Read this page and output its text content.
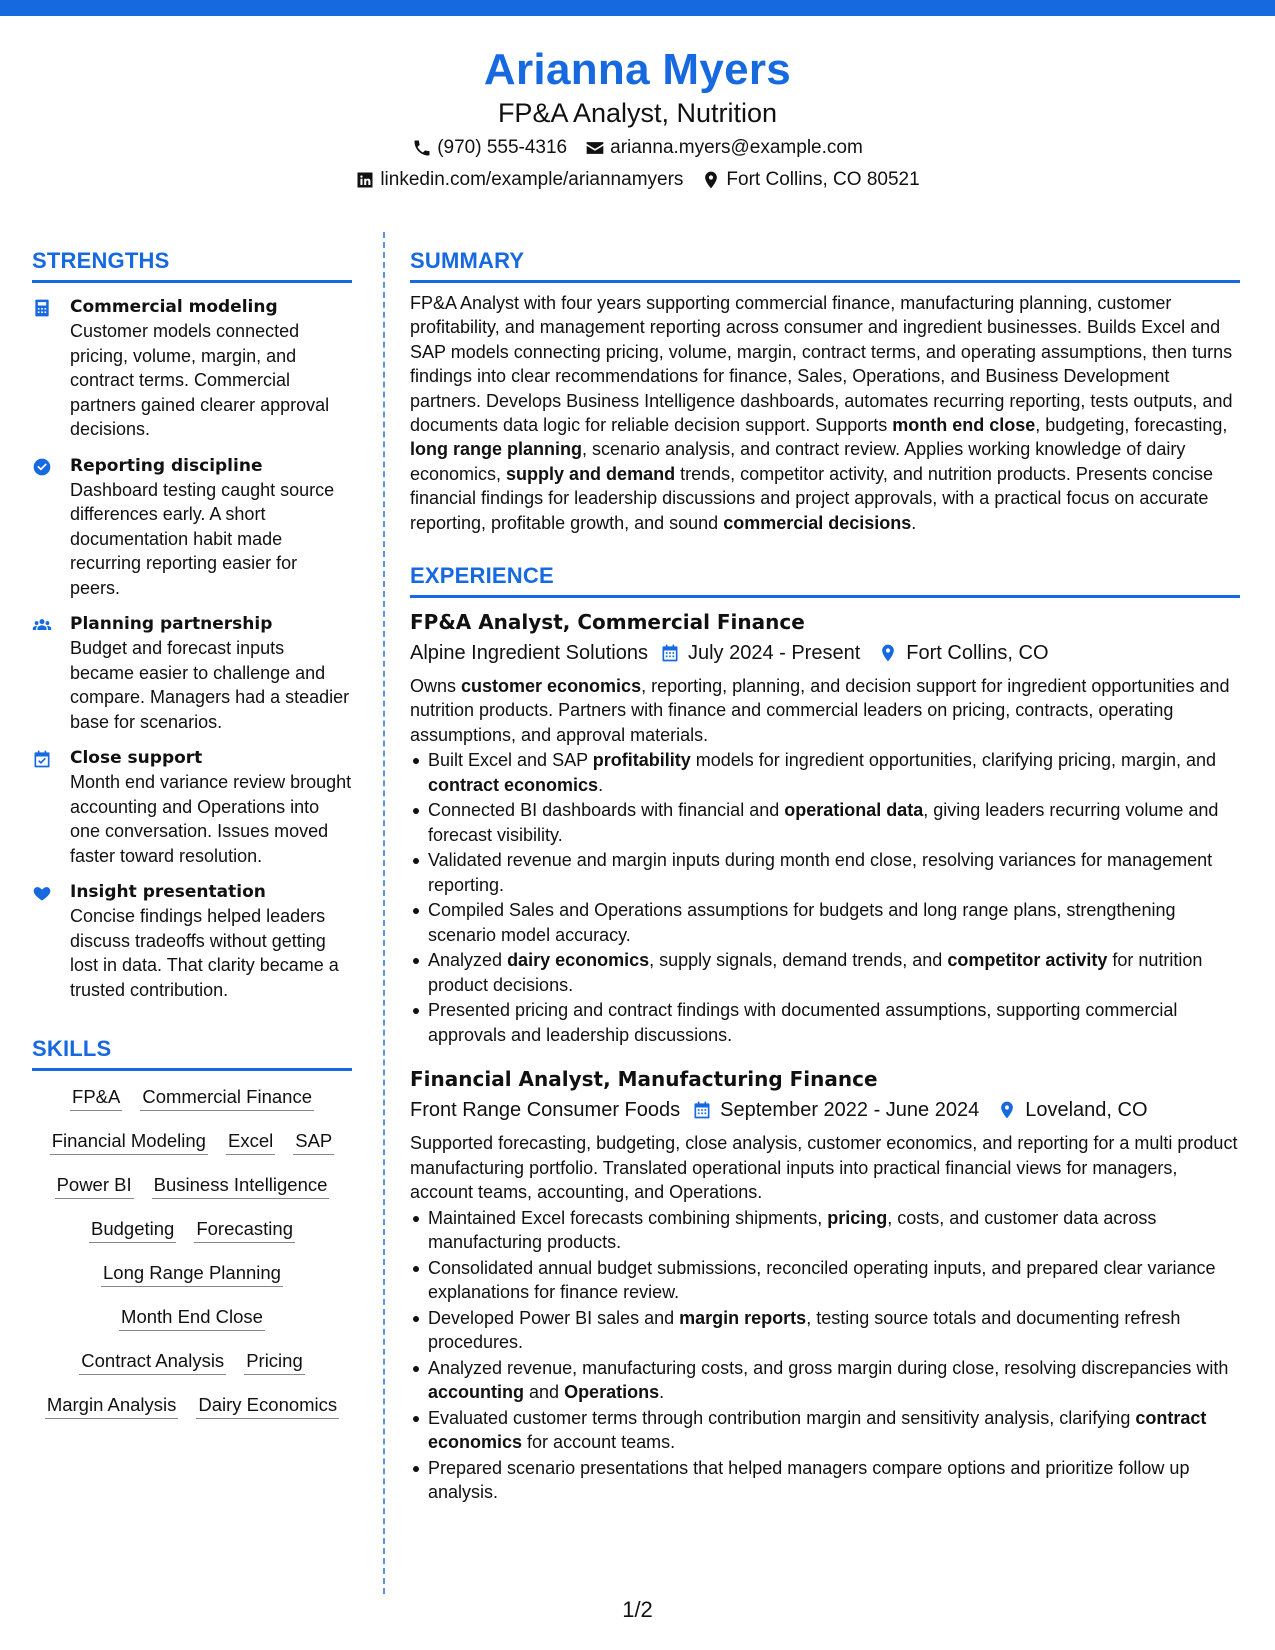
Arianna Myers
FP&A Analyst, Nutrition
(970) 555-4316 arianna.myers@example.com
linkedin.com/example/ariannamyers Fort Collins, CO 80521
STRENGTHS
Commercial modeling
Customer models connected pricing, volume, margin, and contract terms. Commercial partners gained clearer approval decisions.
Reporting discipline
Dashboard testing caught source differences early. A short documentation habit made recurring reporting easier for peers.
Planning partnership
Budget and forecast inputs became easier to challenge and compare. Managers had a steadier base for scenarios.
Close support
Month end variance review brought accounting and Operations into one conversation. Issues moved faster toward resolution.
Insight presentation
Concise findings helped leaders discuss tradeoffs without getting lost in data. That clarity became a trusted contribution.
SKILLS
FP&A Commercial Finance
Financial Modeling Excel SAP
Power BI Business Intelligence
Budgeting Forecasting
Long Range Planning
Month End Close
Contract Analysis Pricing
Margin Analysis Dairy Economics
SUMMARY

FP&A Analyst with four years supporting commercial finance, manufacturing planning, customer profitability, and management reporting across consumer and ingredient businesses. Builds Excel and SAP models connecting pricing, volume, margin, contract terms, and operating assumptions, then turns findings into clear recommendations for finance, Sales, Operations, and Business Development partners. Develops Business Intelligence dashboards, automates recurring reporting, tests outputs, and documents data logic for reliable decision support. Supports month end close, budgeting, forecasting, long range planning, scenario analysis, and contract review. Applies working knowledge of dairy economics, supply and demand trends, competitor activity, and nutrition products. Presents concise financial findings for leadership discussions and project approvals, with a practical focus on accurate reporting, profitable growth, and sound commercial decisions.

EXPERIENCE
FP&A Analyst, Commercial Finance
Alpine Ingredient Solutions July 2024 - Present Fort Collins, CO

Owns customer economics, reporting, planning, and decision support for ingredient opportunities and nutrition products. Partners with finance and commercial leaders on pricing, contracts, operating assumptions, and approval materials.

Built Excel and SAP profitability models for ingredient opportunities, clarifying pricing, margin, and contract economics.
Connected BI dashboards with financial and operational data, giving leaders recurring volume and forecast visibility.
Validated revenue and margin inputs during month end close, resolving variances for management reporting.
Compiled Sales and Operations assumptions for budgets and long range plans, strengthening scenario model accuracy.
Analyzed dairy economics, supply signals, demand trends, and competitor activity for nutrition product decisions.
Presented pricing and contract findings with documented assumptions, supporting commercial approvals and leadership discussions.
Financial Analyst, Manufacturing Finance
Front Range Consumer Foods September 2022 - June 2024 Loveland, CO

Supported forecasting, budgeting, close analysis, customer economics, and reporting for a multi product manufacturing portfolio. Translated operational inputs into practical financial views for managers, account teams, accounting, and Operations.

Maintained Excel forecasts combining shipments, pricing, costs, and customer data across manufacturing products.
Consolidated annual budget submissions, reconciled operating inputs, and prepared clear variance explanations for finance review.
Developed Power BI sales and margin reports, testing source totals and documenting refresh procedures.
Analyzed revenue, manufacturing costs, and gross margin during close, resolving discrepancies with accounting and Operations.
Evaluated customer terms through contribution margin and sensitivity analysis, clarifying contract economics for account teams.
Prepared scenario presentations that helped managers compare options and prioritize follow up analysis.
1/2
